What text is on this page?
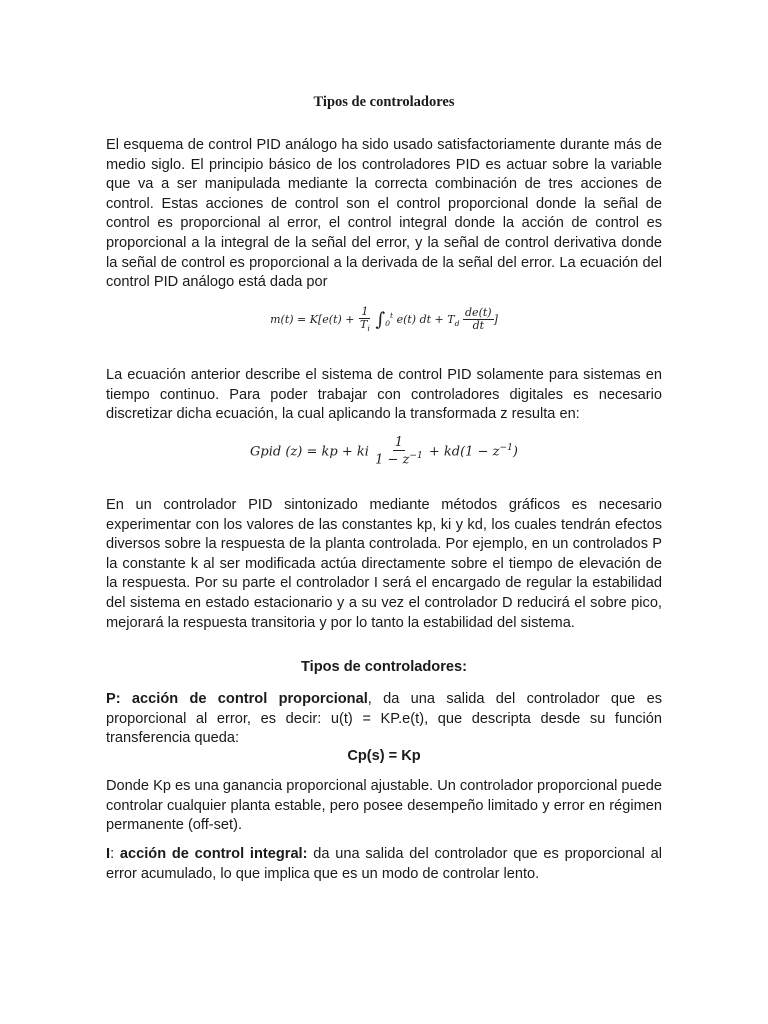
Tipos de controladores

El esquema de control PID análogo ha sido usado satisfactoriamente durante más de medio siglo. El principio básico de los controladores PID es actuar sobre la variable que va a ser manipulada mediante la correcta combinación de tres acciones de control. Estas acciones de control son el control proporcional donde la señal de control es proporcional al error, el control integral donde la acción de control es proporcional a la integral de la señal del error, y la señal de control derivativa donde la señal de control es proporcional a la derivada de la señal del error. La ecuación del control PID análogo está dada por

$m(t) = K[e(t) + \frac{1}{T_i} \int_0^t$ e(t) dt + $T_d \frac{de(t)}{dt}$ ]

La ecuación anterior describe el sistema de control PID solamente para sistemas en tiempo continuo. Para poder trabajar con controladores digitales es necesario discretizar dicha ecuación, la cual aplicando la transformada z resulta en:

Gpid (z) = kp + ki $\frac{1}{1 - z^{-1}} + kd(1 - z^{-1})$

En un controlador PID sintonizado mediante métodos gráficos es necesario experimentar con los valores de las constantes kp, ki y kd, los cuales tendrán efectos diversos sobre la respuesta de la planta controlada. Por ejemplo, en un controlados P la constante k al ser modificada actúa directamente sobre el tiempo de elevación de la respuesta. Por su parte el controlador I será el encargado de regular la estabilidad del sistema en estado estacionario y a su vez el controlador D reducirá el sobre pico, mejorará la respuesta transitoria y por lo tanto la estabilidad del sistema.

Tipos de controladores:

P: acción de control proporcional, da una salida del controlador que es proporcional al error, es decir: u(t) = KP.e(t), que descripta desde su función transferencia queda:

Cp(s) = Kp

Donde Kp es una ganancia proporcional ajustable. Un controlador proporcional puede controlar cualquier planta estable, pero posee desempeño limitado y error en régimen permanente (off-set).

I: acción de control integral: da una salida del controlador que es proporcional al error acumulado, lo que implica que es un modo de controlar lento.
